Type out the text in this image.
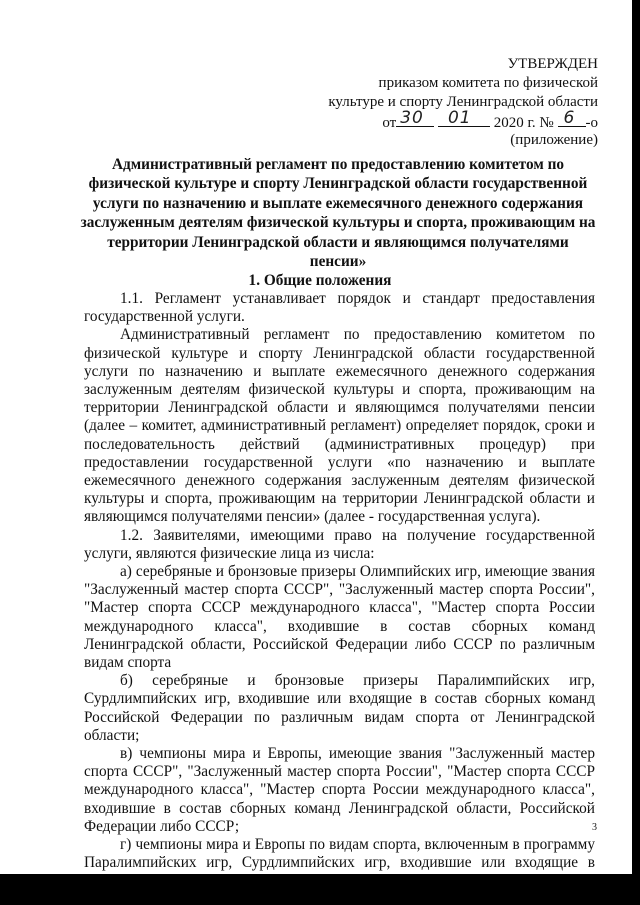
УТВЕРЖДЕН
приказом комитета по физической
культуре и спорту Ленинградской области
от 30
01 2020 г. № 6 -о
(приложение)
Административный регламент по предоставлению комитетом по физической культуре и спорту Ленинградской области государственной услуги по назначению и выплате ежемесячного денежного содержания заслуженным деятелям физической культуры и спорта, проживающим на территории Ленинградской области и являющимся получателями пенсии»
1. Общие положения

1.1. Регламент устанавливает порядок и стандарт предоставления государственной услуги.

Административный регламент по предоставлению комитетом по физической культуре и спорту Ленинградской области государственной услуги по назначению и выплате ежемесячного денежного содержания заслуженным деятелям физической культуры и спорта, проживающим на территории Ленинградской области и являющимся получателями пенсии (далее – комитет, административный регламент) определяет порядок, сроки и последовательность действий (административных процедур) при предоставлении государственной услуги «по назначению и выплате ежемесячного денежного содержания заслуженным деятелям физической культуры и спорта, проживающим на территории Ленинградской области и являющимся получателями пенсии» (далее - государственная услуга).

1.2. Заявителями, имеющими право на получение государственной услуги, являются физические лица из числа:

а) серебряные и бронзовые призеры Олимпийских игр, имеющие звания "Заслуженный мастер спорта СССР", "Заслуженный мастер спорта России", "Мастер спорта СССР международного класса", "Мастер спорта России международного класса", входившие в состав сборных команд Ленинградской области, Российской Федерации либо СССР по различным видам спорта

б) серебряные и бронзовые призеры Паралимпийских игр, Сурдлимпийских игр, входившие или входящие в состав сборных команд Российской Федерации по различным видам спорта от Ленинградской области;

в) чемпионы мира и Европы, имеющие звания "Заслуженный мастер спорта СССР", "Заслуженный мастер спорта России", "Мастер спорта СССР международного класса", "Мастер спорта России международного класса", входившие в состав сборных команд Ленинградской области, Российской Федерации либо СССР;

г) чемпионы мира и Европы по видам спорта, включенным в программу Паралимпийских игр, Сурдлимпийских игр, входившие или входящие в

3
